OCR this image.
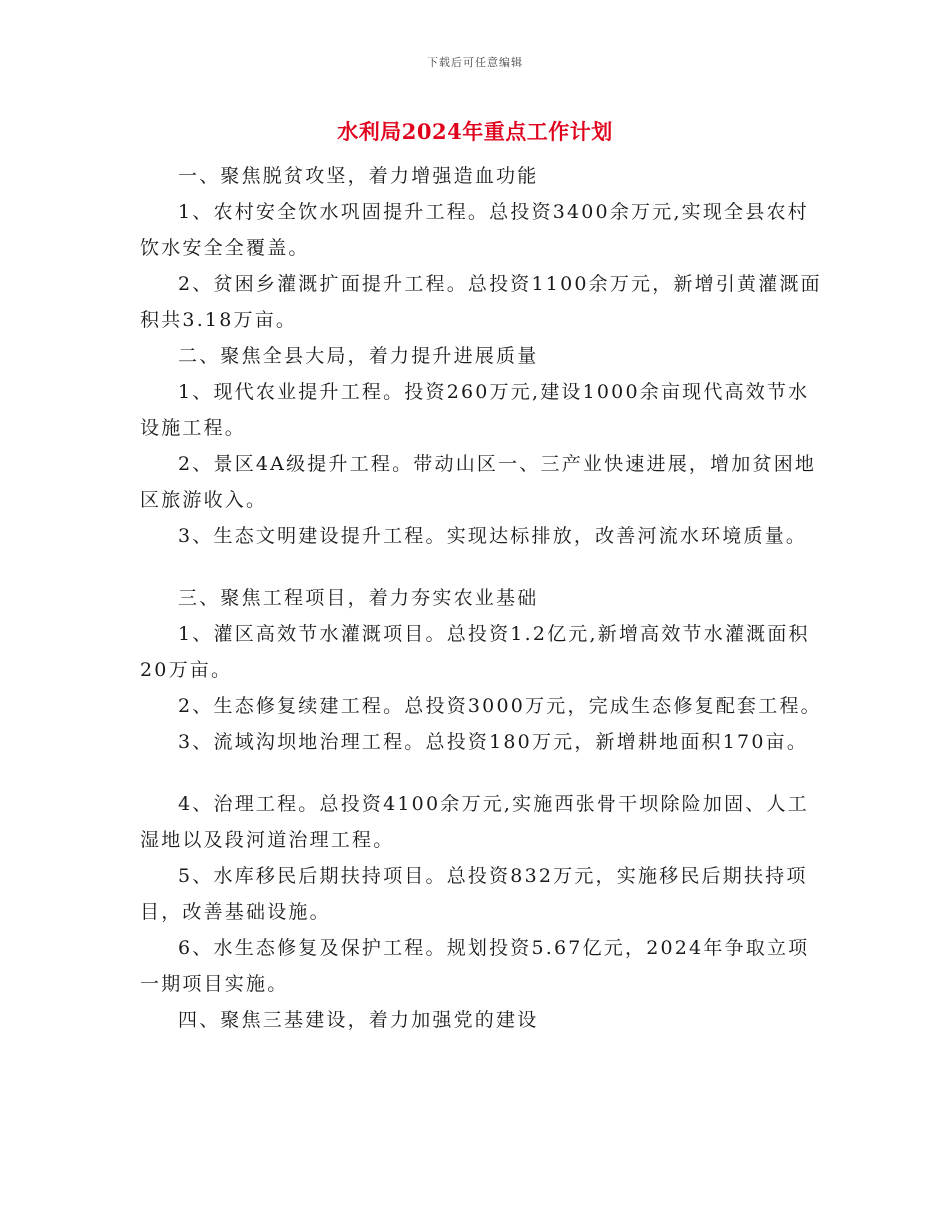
下载后可任意编辑
水利局2024年重点工作计划

一、聚焦脱贫攻坚，着力增强造血功能

1、农村安全饮水巩固提升工程。总投资3400余万元,实现全县农村饮水安全全覆盖。

2、贫困乡灌溉扩面提升工程。总投资1100余万元，新增引黄灌溉面积共3.18万亩。

二、聚焦全县大局，着力提升进展质量

1、现代农业提升工程。投资260万元,建设1000余亩现代高效节水设施工程。

2、景区4A级提升工程。带动山区一、三产业快速进展，增加贫困地区旅游收入。

3、生态文明建设提升工程。实现达标排放，改善河流水环境质量。

三、聚焦工程项目，着力夯实农业基础

1、灌区高效节水灌溉项目。总投资1.2亿元,新增高效节水灌溉面积20万亩。

2、生态修复续建工程。总投资3000万元，完成生态修复配套工程。

3、流域沟坝地治理工程。总投资180万元，新增耕地面积170亩。

4、治理工程。总投资4100余万元,实施西张骨干坝除险加固、人工湿地以及段河道治理工程。

5、水库移民后期扶持项目。总投资832万元，实施移民后期扶持项目，改善基础设施。

6、水生态修复及保护工程。规划投资5.67亿元，2024年争取立项一期项目实施。

四、聚焦三基建设，着力加强党的建设
